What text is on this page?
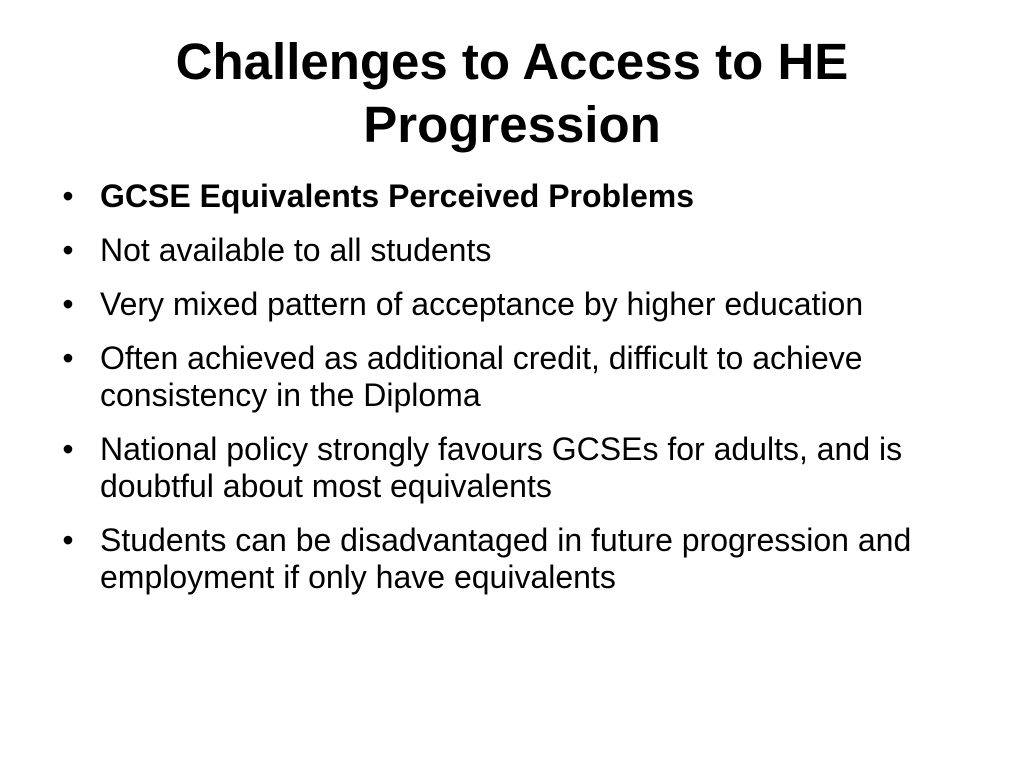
Challenges to Access to HE Progression
• GCSE Equivalents Perceived Problems
• Not available to all students
• Very mixed pattern of acceptance by higher education
• Often achieved as additional credit, difficult to achieve consistency in the Diploma
• National policy strongly favours GCSEs for adults, and is doubtful about most equivalents
• Students can be disadvantaged in future progression and employment if only have equivalents
